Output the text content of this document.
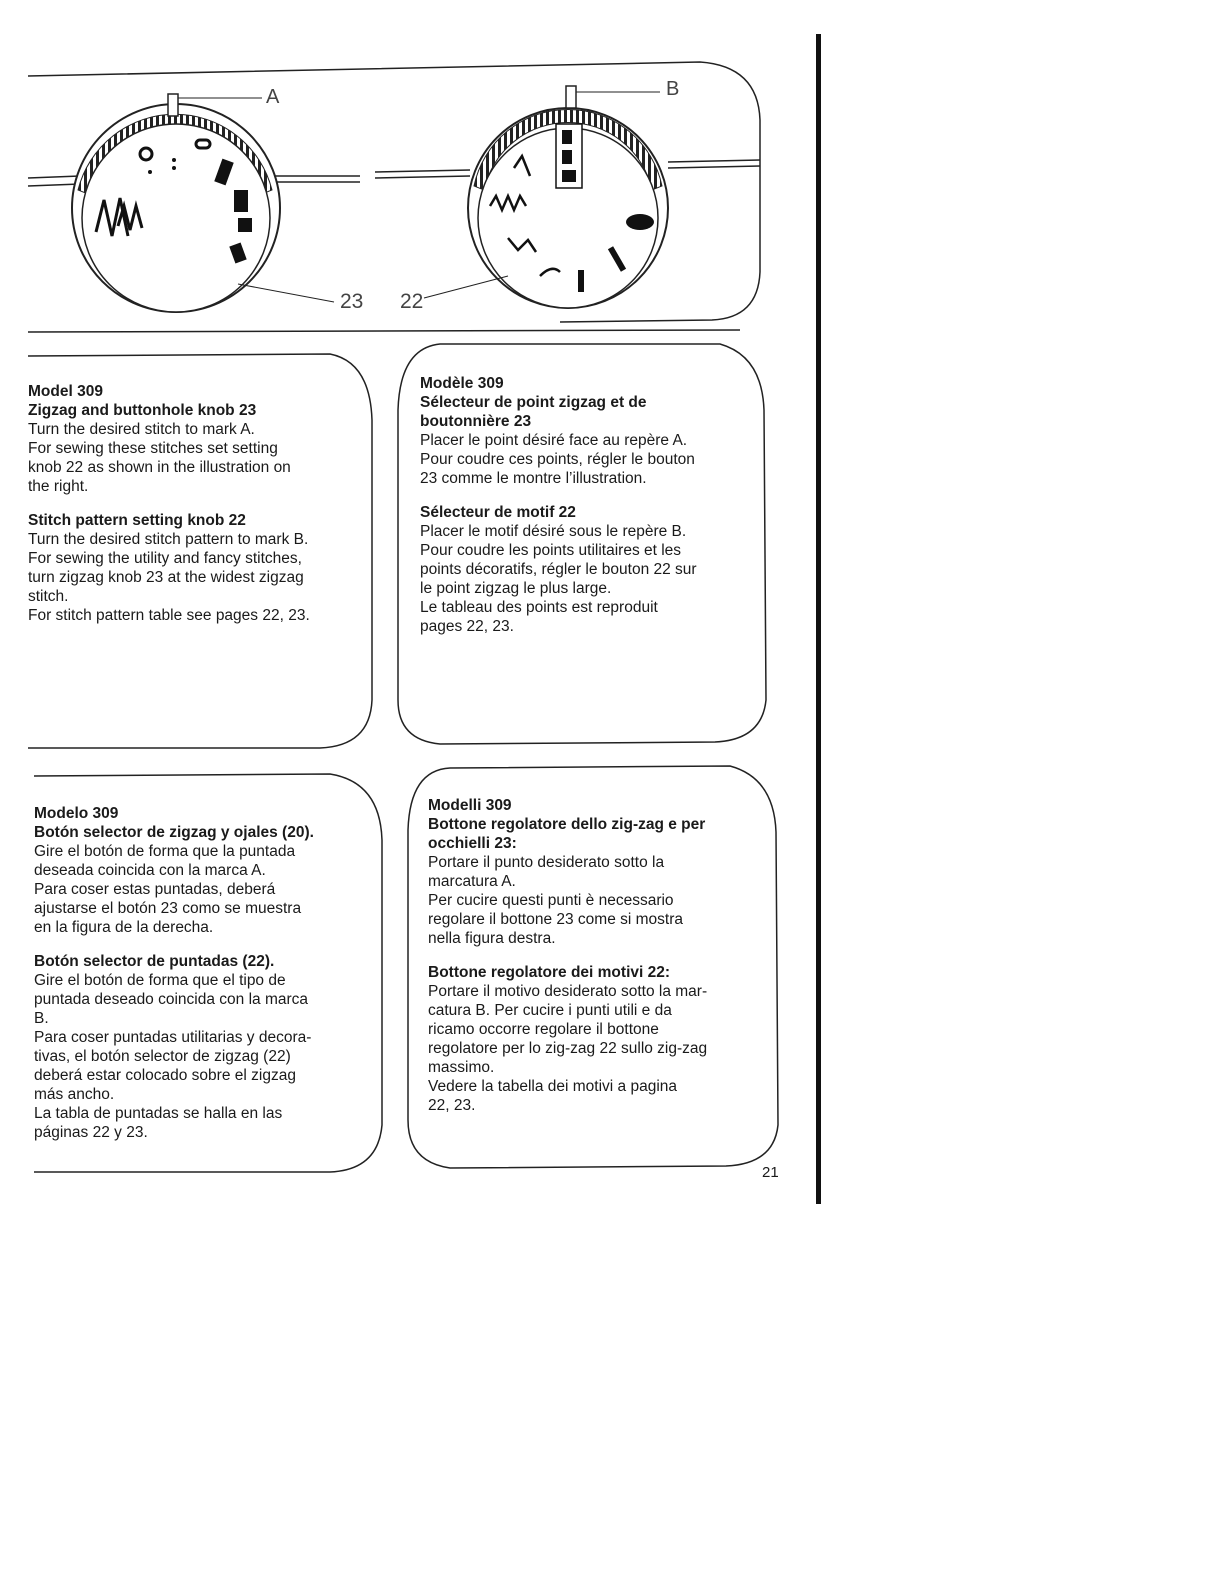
A	B
23 22
Model 309
Zigzag and buttonhole knob 23

Turn the desired stitch to mark A.
For sewing these stitches set setting
knob 22 as shown in the illustration on
the right.

Stitch pattern setting knob 22

Turn the desired stitch pattern to mark B.
For sewing the utility and fancy stitches,
turn zigzag knob 23 at the widest zigzag
stitch.
For stitch pattern table see pages 22, 23.

Modèle 309

Sélecteur de point zigzag et de
boutonnière 23

Placer le point désiré face au repère A.
Pour coudre ces points, régler le bouton
23 comme le montre l’illustration.

Sélecteur de motif 22

Placer le motif désiré sous le repère B.
Pour coudre les points utilitaires et les
points décoratifs, régler le bouton 22 sur
le point zigzag le plus large.
Le tableau des points est reproduit
pages 22, 23.

Modelo 309
Botón selector de zigzag y ojales (20).

Gire el botón de forma que la puntada
deseada coincida con la marca A.
Para coser estas puntadas, deberá
ajustarse el botón 23 como se muestra
en la figura de la derecha.

Botón selector de puntadas (22).

Gire el botón de forma que el tipo de
puntada deseado coincida con la marca
B.
Para coser puntadas utilitarias y decora-
tivas, el botón selector de zigzag (22)
deberá estar colocado sobre el zigzag
más ancho.
La tabla de puntadas se halla en las
páginas 22 y 23.

Modelli 309

Bottone regolatore dello zig-zag e per
occhielli 23:

Portare il punto desiderato sotto la
marcatura A.
Per cucire questi punti è necessario
regolare il bottone 23 come si mostra
nella figura destra.

Bottone regolatore dei motivi 22:

Portare il motivo desiderato sotto la mar-
catura B. Per cucire i punti utili e da
ricamo occorre regolare il bottone
regolatore per lo zig-zag 22 sullo zig-zag
massimo.
Vedere la tabella dei motivi a pagina
22, 23.

21
